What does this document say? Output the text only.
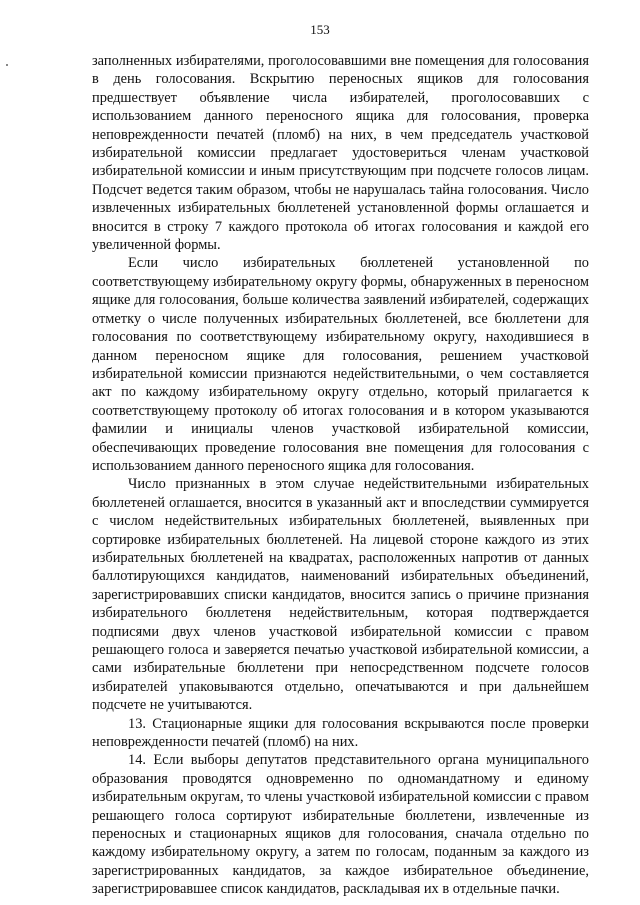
153

заполненных избирателями, проголосовавшими вне помещения для голосования в день голосования. Вскрытию переносных ящиков для голосования предшествует объявление числа избирателей, проголосовавших с использованием данного переносного ящика для голосования, проверка неповрежденности печатей (пломб) на них, в чем председатель участковой избирательной комиссии предлагает удостовериться членам участковой избирательной комиссии и иным присутствующим при подсчете голосов лицам. Подсчет ведется таким образом, чтобы не нарушалась тайна голосования. Число извлеченных избирательных бюллетеней установленной формы оглашается и вносится в строку 7 каждого протокола об итогах голосования и каждой его увеличенной формы.

Если число избирательных бюллетеней установленной по соответствующему избирательному округу формы, обнаруженных в переносном ящике для голосования, больше количества заявлений избирателей, содержащих отметку о числе полученных избирательных бюллетеней, все бюллетени для голосования по соответствующему избирательному округу, находившиеся в данном переносном ящике для голосования, решением участковой избирательной комиссии признаются недействительными, о чем составляется акт по каждому избирательному округу отдельно, который прилагается к соответствующему протоколу об итогах голосования и в котором указываются фамилии и инициалы членов участковой избирательной комиссии, обеспечивающих проведение голосования вне помещения для голосования с использованием данного переносного ящика для голосования.

Число признанных в этом случае недействительными избирательных бюллетеней оглашается, вносится в указанный акт и впоследствии суммируется с числом недействительных избирательных бюллетеней, выявленных при сортировке избирательных бюллетеней. На лицевой стороне каждого из этих избирательных бюллетеней на квадратах, расположенных напротив от данных баллотирующихся кандидатов, наименований избирательных объединений, зарегистрировавших списки кандидатов, вносится запись о причине признания избирательного бюллетеня недействительным, которая подтверждается подписями двух членов участковой избирательной комиссии с правом решающего голоса и заверяется печатью участковой избирательной комиссии, а сами избирательные бюллетени при непосредственном подсчете голосов избирателей упаковываются отдельно, опечатываются и при дальнейшем подсчете не учитываются.

13. Стационарные ящики для голосования вскрываются после проверки неповрежденности печатей (пломб) на них.

14. Если выборы депутатов представительного органа муниципального образования проводятся одновременно по одномандатному и единому избирательным округам, то члены участковой избирательной комиссии с правом решающего голоса сортируют избирательные бюллетени, извлеченные из переносных и стационарных ящиков для голосования, сначала отдельно по каждому избирательному округу, а затем по голосам, поданным за каждого из зарегистрированных кандидатов, за каждое избирательное объединение, зарегистрировавшее список кандидатов, раскладывая их в отдельные пачки.
